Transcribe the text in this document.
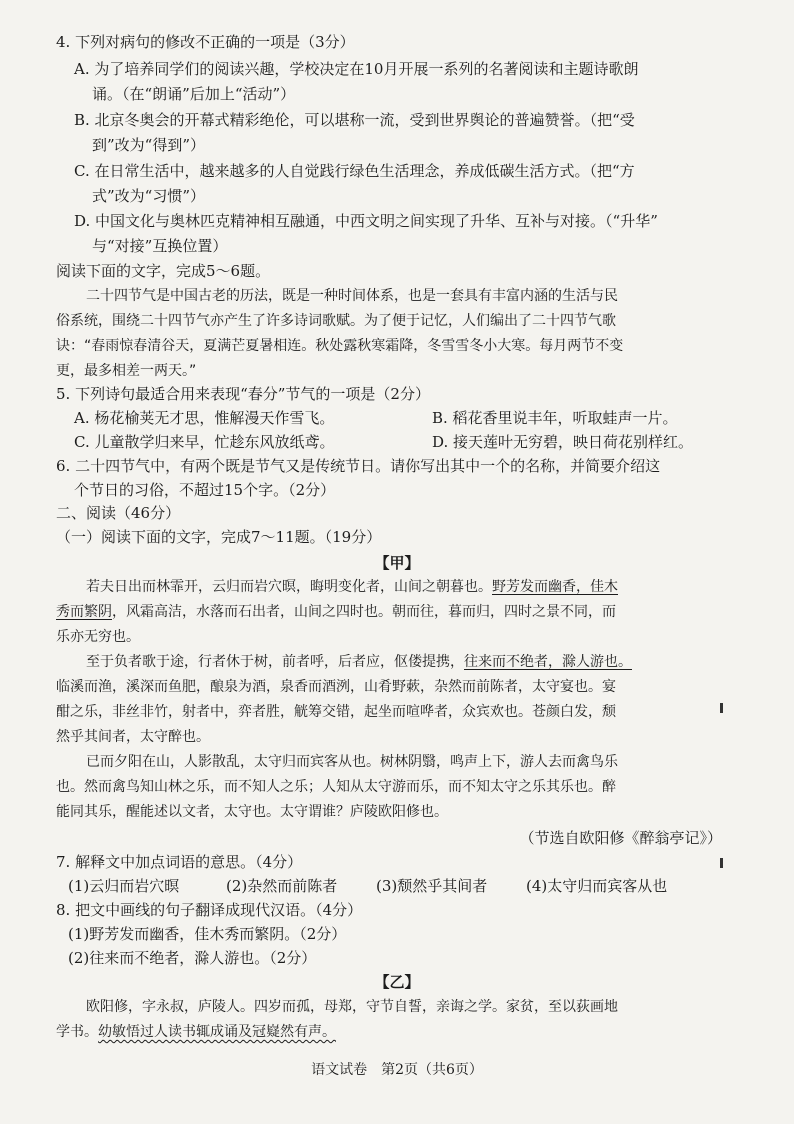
4. 下列对病句的修改不正确的一项是（3分）
A. 为了培养同学们的阅读兴趣，学校决定在10月开展一系列的名著阅读和主题诗歌朗
诵。（在“朗诵”后加上“活动”）
B. 北京冬奥会的开幕式精彩绝伦，可以堪称一流，受到世界舆论的普遍赞誉。（把“受
到”改为“得到”）
C. 在日常生活中，越来越多的人自觉践行绿色生活理念，养成低碳生活方式。（把“方
式”改为“习惯”）
D. 中国文化与奥林匹克精神相互融通，中西文明之间实现了升华、互补与对接。（“升华”
与“对接”互换位置）
阅读下面的文字，完成5～6题。
二十四节气是中国古老的历法，既是一种时间体系，也是一套具有丰富内涵的生活与民
俗系统，围绕二十四节气亦产生了许多诗词歌赋。为了便于记忆，人们编出了二十四节气歌
诀：“春雨惊春清谷天，夏满芒夏暑相连。秋处露秋寒霜降，冬雪雪冬小大寒。每月两节不变
更，最多相差一两天。”
5. 下列诗句最适合用来表现“春分”节气的一项是（2分）
A. 杨花榆荚无才思，惟解漫天作雪飞。	B. 稻花香里说丰年，听取蛙声一片。
C. 儿童散学归来早，忙趁东风放纸鸢。	D. 接天莲叶无穷碧，映日荷花别样红。
6. 二十四节气中，有两个既是节气又是传统节日。请你写出其中一个的名称，并简要介绍这
个节日的习俗，不超过15个字。（2分）
二、阅读（46分）
（一）阅读下面的文字，完成7～11题。（19分）
【甲】
若夫日出而林霏开，云归而岩穴暝，晦明变化者，山间之朝暮也。野芳发而幽香，佳木
秀而繁阴，风霜高洁，水落而石出者，山间之四时也。朝而往，暮而归，四时之景不同，而
乐亦无穷也。
至于负者歌于途，行者休于树，前者呼，后者应，伛偻提携，往来而不绝者，滁人游也。
临溪而渔，溪深而鱼肥，酿泉为酒，泉香而酒洌，山肴野蔌，杂然而前陈者，太守宴也。宴
酣之乐，非丝非竹，射者中，弈者胜，觥筹交错，起坐而喧哗者，众宾欢也。苍颜白发，颓
然乎其间者，太守醉也。
已而夕阳在山，人影散乱，太守归而宾客从也。树林阴翳，鸣声上下，游人去而禽鸟乐
也。然而禽鸟知山林之乐，而不知人之乐；人知从太守游而乐，而不知太守之乐其乐也。醉
能同其乐，醒能述以文者，太守也。太守谓谁？庐陵欧阳修也。
（节选自欧阳修《醉翁亭记》）
7. 解释文中加点词语的意思。（4分）
(1)云归而岩穴暝	(2)杂然而前陈者	(3)颓然乎其间者	(4)太守归而宾客从也
8. 把文中画线的句子翻译成现代汉语。（4分）
(1)野芳发而幽香，佳木秀而繁阴。（2分）
(2)往来而不绝者，滁人游也。（2分）
【乙】
欧阳修，字永叔，庐陵人。四岁而孤，母郑，守节自誓，亲诲之学。家贫，至以荻画地
学书。幼敏悟过人读书辄成诵及冠嶷然有声。
语文试卷　第2页（共6页）
